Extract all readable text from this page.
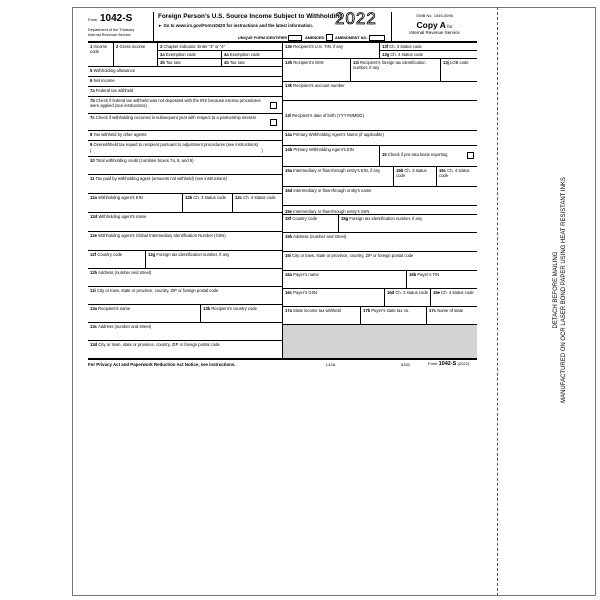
DETACH BEFORE MAILING MANUFACTURED ON OCR LASER BOND PAPER USING HEAT RESISTANT INKS
Form 1042-S
Department of the Treasury
Internal Revenue Service
Foreign Person’s U.S. Source Income Subject to Withholding
2022
► Go to www.irs.gov/Form1042S for instructions and the latest information.
OMB No. 1545-0096
Copy A for
Internal Revenue Service
UNIQUE FORM IDENTIFIER	AMENDED	AMENDMENT NO.
1 Income code
2 Gross income	3 Chapter indicator. Enter “3” or “4”
3a Exemption code	4a Exemption code
3b Tax rate	4b Tax rate
5 Withholding allowance
6 Net income
7a Federal tax withheld
7b Check if federal tax withheld was not deposited with the IRS because escrow procedures were applied (see instructions)
7c Check if withholding occurred in subsequent year with respect to a partnership interest
8 Tax withheld by other agents
9 Overwithheld tax repaid to recipient pursuant to adjustment procedures (see instructions)
(	)
10 Total withholding credit (combine boxes 7a, 8, and 9)
11 Tax paid by withholding agent (amounts not withheld) (see instructions)
12a Withholding agent’s EIN	12b Ch. 3 status code	12c Ch. 4 status code
12d Withholding agent’s name
12e Withholding agent’s Global Intermediary Identification Number (GIIN)
12f Country code	12g Foreign tax identification number, if any
12h Address (number and street)
12i City or town, state or province, country, ZIP or foreign postal code
13a Recipient’s name	13b Recipient’s country code
13c Address (number and street)
13d City or town, state or province, country, ZIP or foreign postal code
13e Recipient’s U.S. TIN, if any	13f Ch. 3 status code
13g Ch. 4 status code
13h Recipient’s GIIN	13i Recipient’s foreign tax identification number, if any
13j LOB code
13k Recipient’s account number
13l Recipient’s date of birth (YYYYMMDD)
14a Primary Withholding Agent’s Name (if applicable)
14b Primary Withholding Agent’s EIN
15 Check if pro-rata basis reporting
15a Intermediary or flow-through entity’s EIN, if any	15b Ch. 3 status code
15c Ch. 4 status code
15d Intermediary or flow-through entity’s name
15e Intermediary or flow-through entity’s GIIN
15f Country code	15g Foreign tax identification number, if any
15h Address (number and street)
15i City or town, state or province, country, ZIP or foreign postal code
16a Payer’s name	16b Payer’s TIN
16c Payer’s GIIN	16d Ch. 3 status code	16e Ch. 4 status code
17a State income tax withheld	17b Payer’s state tax no.	17c Name of state
For Privacy Act and Paperwork Reduction Act Notice, see instructions.	L42A	5320	Form 1042-S (2022)
